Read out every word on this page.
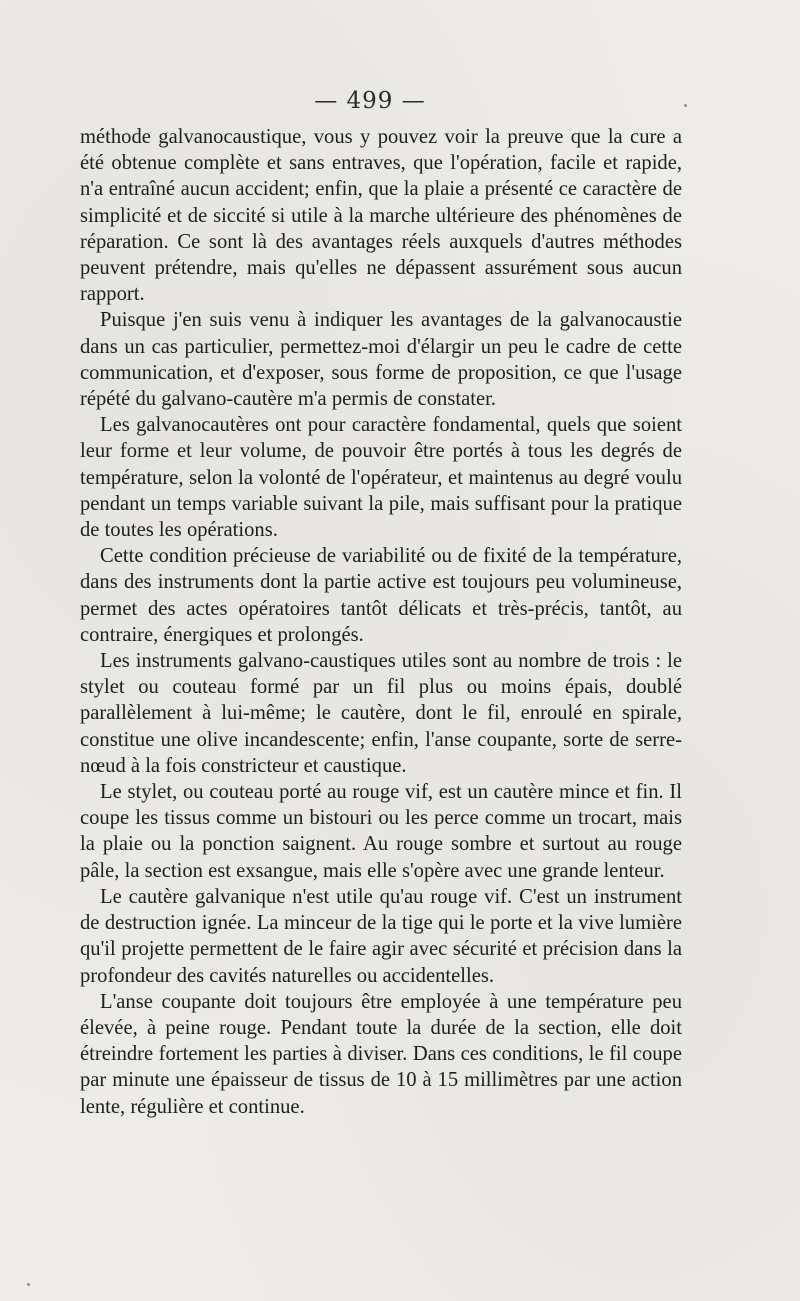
— 499 —

méthode galvanocaustique, vous y pouvez voir la preuve que la cure a été obtenue complète et sans entraves, que l'opération, facile et rapide, n'a entraîné aucun accident; enfin, que la plaie a présenté ce caractère de simplicité et de siccité si utile à la marche ultérieure des phénomènes de réparation. Ce sont là des avantages réels auxquels d'autres méthodes peuvent prétendre, mais qu'elles ne dépassent assurément sous aucun rapport.

Puisque j'en suis venu à indiquer les avantages de la galvanocaustie dans un cas particulier, permettez-moi d'élargir un peu le cadre de cette communication, et d'exposer, sous forme de proposition, ce que l'usage répété du galvano-cautère m'a permis de constater.

Les galvanocautères ont pour caractère fondamental, quels que soient leur forme et leur volume, de pouvoir être portés à tous les degrés de température, selon la volonté de l'opérateur, et maintenus au degré voulu pendant un temps variable suivant la pile, mais suffisant pour la pratique de toutes les opérations.

Cette condition précieuse de variabilité ou de fixité de la température, dans des instruments dont la partie active est toujours peu volumineuse, permet des actes opératoires tantôt délicats et très-précis, tantôt, au contraire, énergiques et prolongés.

Les instruments galvano-caustiques utiles sont au nombre de trois : le stylet ou couteau formé par un fil plus ou moins épais, doublé parallèlement à lui-même; le cautère, dont le fil, enroulé en spirale, constitue une olive incandescente; enfin, l'anse coupante, sorte de serre-nœud à la fois constricteur et caustique.

Le stylet, ou couteau porté au rouge vif, est un cautère mince et fin. Il coupe les tissus comme un bistouri ou les perce comme un trocart, mais la plaie ou la ponction saignent. Au rouge sombre et surtout au rouge pâle, la section est exsangue, mais elle s'opère avec une grande lenteur.

Le cautère galvanique n'est utile qu'au rouge vif. C'est un instrument de destruction ignée. La minceur de la tige qui le porte et la vive lumière qu'il projette permettent de le faire agir avec sécurité et précision dans la profondeur des cavités naturelles ou accidentelles.

L'anse coupante doit toujours être employée à une température peu élevée, à peine rouge. Pendant toute la durée de la section, elle doit étreindre fortement les parties à diviser. Dans ces conditions, le fil coupe par minute une épaisseur de tissus de 10 à 15 millimètres par une action lente, régulière et continue.
